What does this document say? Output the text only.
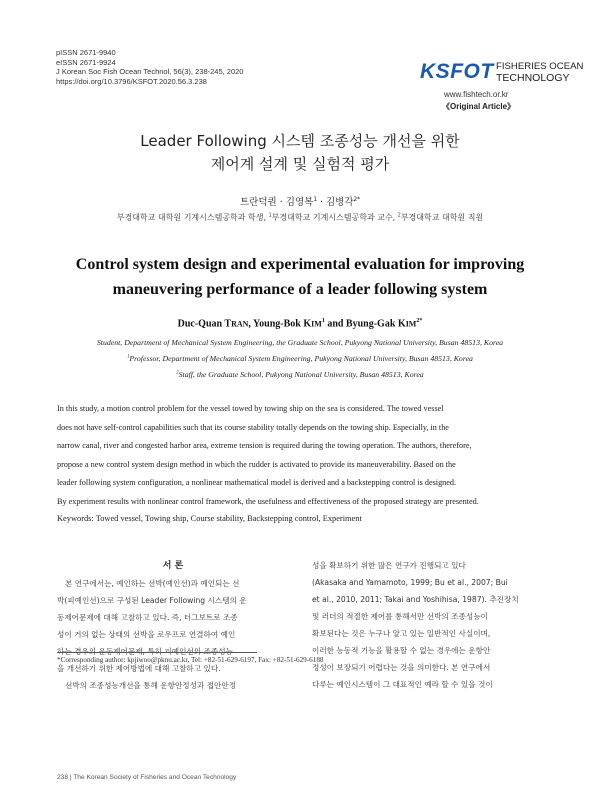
pISSN 2671-9940
eISSN 2671-9924
J Korean Soc Fish Ocean Technol, 56(3), 238-245, 2020
https://doi.org/10.3796/KSFOT.2020.56.3.238	KSFOT FISHERIES OCEAN
TECHNOLOGY
www.fishtech.or.kr
《Original Article》
Leader Following 시스템 조종성능 개선을 위한
제어계 설계 및 실험적 평가
트란덕퀀 · 김영복$^1$ · 김병각$^{2*}$
부경대학교 대학원 기계시스템공학과 학생, $^1$부경대학교 기계시스템공학과 교수, $^2$부경대학교 대학원 직원
Control system design and experimental evaluation for improving
maneuvering performance of a leader following system
Duc-Quan TRAN, Young-Bok KIM$^1$ and Byung-Gak $KIM^{2*}$
Student, Department of Mechanical System Engineering, the Graduate School, Pukyong National University, Busan 48513, Korea
$^1$Professor, Department of Mechanical System Engineering, Pukyong National University, Busan 48513, Korea
$^2$Staff, the Graduate School, Pukyong National University, Busan 48513, Korea
In this study, a motion control problem for the vessel towed by towing ship on the sea is considered. The towed vessel
does not have self-control capabilities such that its course stability totally depends on the towing ship. Especially, in the
narrow canal, river and congested harbor area, extreme tension is required during the towing operation. The authors, therefore,
propose a new control system design method in which the rudder is activated to provide its maneuverability. Based on the
leader following system configuration, a nonlinear mathematical model is derived and a backstepping control is designed.
By experiment results with nonlinear control framework, the usefulness and effectiveness of the proposed strategy are presented.
Keywords: Towed vessel, Towing ship, Course stability, Backstepping control, Experiment
서 론
본 연구에서는, 예인하는 선박(예인선)과 예인되는 선
박(피예인선)으로 구성된 Leader Following 시스템의 운
동제어문제에 대해 고찰하고 있다. 즉, 터그보트로 조종
성이 거의 없는 상태의 선박을 로우프로 연결하여 예인
하는 경우의 운동제어문제, 특히 피예인선의 조종성능
을 개선하기 위한 제어방법에 대해 고찰하고 있다.
선박의 조종성능개선을 통해 운항안정성과 접안안정
성을 확보하기 위한 많은 연구가 진행되고 있다
(Akasaka and Yamamoto, 1999; Bu et al., 2007; Bui
et al., 2010, 2011; Takai and Yoshihisa, 1987). 추진장치
및 러더의 적절한 제어를 통해서만 선박의 조종성능이
확보된다는 것은 누구나 알고 있는 일반적인 사실이며,
이러한 능동적 기능을 활용할 수 없는 경우에는 운항안
정성이 보장되기 어렵다는 것을 의미한다. 본 연구에서
다루는 예인시스템이 그 대표적인 예라 할 수 있을 것이
*Corresponding author: kpjiwoo@pknu.ac.kr, Tel: +82-51-629-6197, Fax: +82-51-629-6188
238 | The Korean Society of Fisheries and Ocean Technology
